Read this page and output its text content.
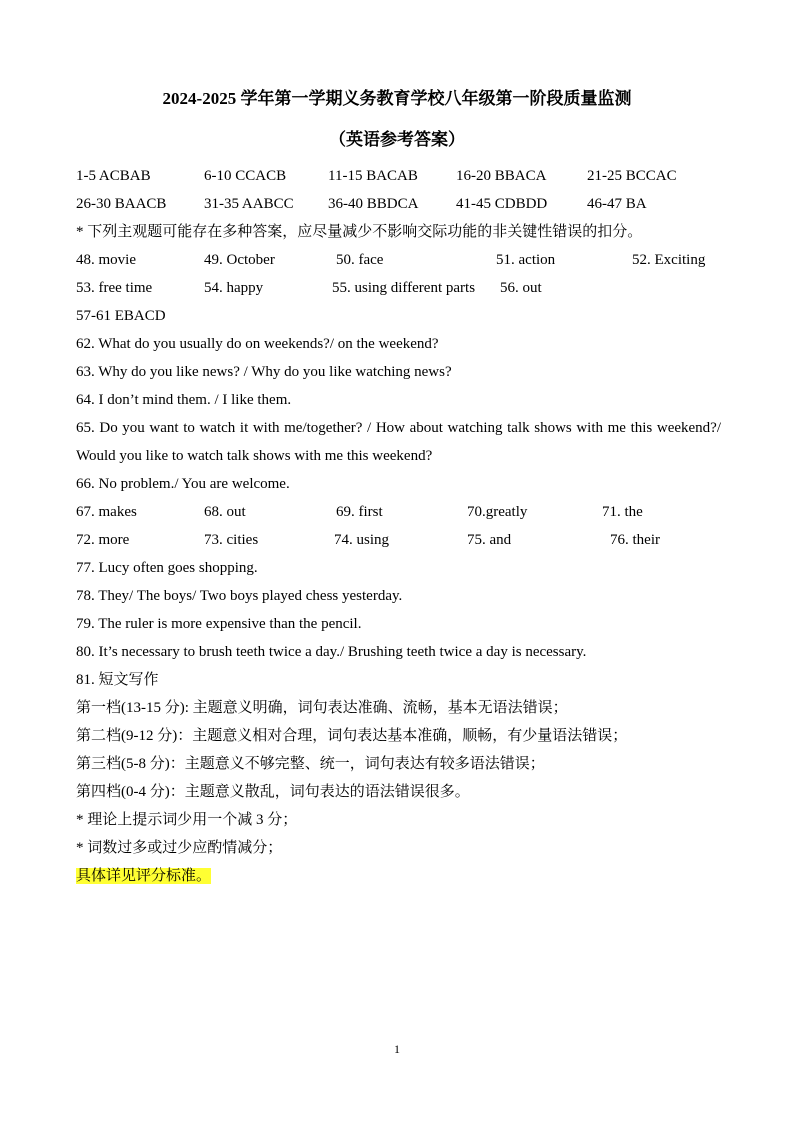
2024-2025 学年第一学期义务教育学校八年级第一阶段质量监测
（英语参考答案）
1-5 ACBAB	6-10 CCACB	11-15 BACAB	16-20 BBACA	21-25 BCCAC
26-30 BAACB	31-35 AABCC 36-40 BBDCA	41-45 CDBDD	46-47 BA
* 下列主观题可能存在多种答案，应尽量减少不影响交际功能的非关键性错误的扣分。
48. movie	49. October	50. face	51. action	52. Exciting
53. free time	54. happy	55. using different parts 56. out
57-61 EBACD
62. What do you usually do on weekends?/ on the weekend?
63. Why do you like news? / Why do you like watching news?
64. I don’t mind them. / I like them.
65. Do you want to watch it with me/together? / How about watching talk shows with me this weekend?/ Would you like to watch talk shows with me this weekend?
66. No problem./ You are welcome.
67. makes	68. out	69. first	70.greatly	71. the
72. more	73. cities	74. using	75. and	76. their
77. Lucy often goes shopping.
78. They/ The boys/ Two boys played chess yesterday.
79. The ruler is more expensive than the pencil.
80. It’s necessary to brush teeth twice a day./ Brushing teeth twice a day is necessary.
81. 短文写作
第一档(13-15 分): 主题意义明确，词句表达准确、流畅，基本无语法错误；
第二档(9-12 分)：主题意义相对合理，词句表达基本准确，顺畅，有少量语法错误；
第三档(5-8 分)：主题意义不够完整、统一，词句表达有较多语法错误；
第四档(0-4 分)：主题意义散乱，词句表达的语法错误很多。
* 理论上提示词少用一个减 3 分；
* 词数过多或过少应酌情减分；
具体详见评分标准。
1
